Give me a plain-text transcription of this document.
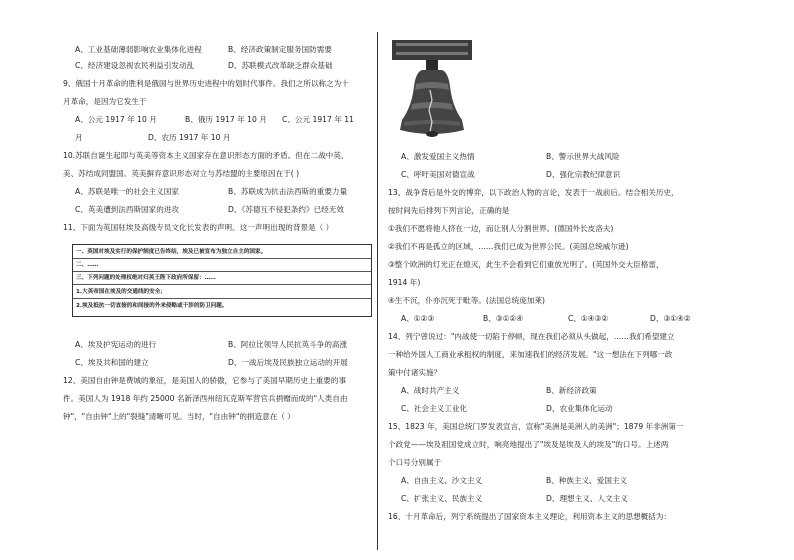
A、工业基础薄弱影响农业集体化进程	B、经济政策制定服务国防需要
C、经济建设忽视农民利益引发动乱	D、苏联模式改革缺乏群众基础
9、俄国十月革命的胜利是俄国与世界历史进程中的划时代事件。我们之所以称之为十
月革命，是因为它发生于
A、公元 1917 年 10 月	B、俄历 1917 年 10 月 C、公元 1917 年 11
月	D、农历 1917 年 10 月
10.苏联自诞生起即与英美等资本主义国家存在意识形态方面的矛盾。但在二战中英、
美、苏结成同盟国。英美摒弃意识形态对立与苏结盟的主要原因在于( )
A、苏联是唯一的社会主义国家	B、苏联成为抗击法西斯的重要力量
C、英美遭到法西斯国家的进攻	D、《苏德互不侵犯条约》已经无效
11、下面为英国驻埃及高级专员文化长发表的声明。这一声明出现的背景是（ ）
一、英国对埃及实行的保护制度已告终结，埃及已被宣布为独立自主的国家。
二、……
三、下列问题的处理权绝对归英王陛下政府所保留：……
1.大英帝国在埃及的交通线的安全；
2.埃及抵抗一切直接的和间接的外来侵略或干涉的防卫问题。
A、埃及护宪运动的进行	B、阿拉比领导人民抗英斗争的高涨
C、埃及共和国的建立	D、一战后埃及民族独立运动的开展
12、美国自由钟是费城的象征，是美国人的骄傲，它参与了美国早期历史上重要的事
件。美国人为 1918 年约 25000 名新泽西州纽瓦克斯军营官兵捐赠而成的"人类自由
钟"，"自由钟"上的"裂缝"清晰可见。当时，"自由钟"的捐造意在（ ）
A、激发爱国主义热情	B、警示世界大战风险
C、呼吁美国对德宣战	D、强化宗教纪律意识
13、战争背后是外交的博弈，以下政治人物的言论，发表于一战前后。结合相关历史，
按时间先后排列下列言论，正确的是
①我们不愿将他人挤在一边，而让别人分割世界。(德国外长皮洛夫)
②我们不再是孤立的区域，……我们已成为世界公民。(美国总统威尔逊)
③整个欧洲的灯光正在熄灭，此生不会看到它们重放光明了。(英国外交大臣格雷，
1914 年)
④生不沉，仆亦沉死于毗等。(法国总统庞加莱)
A、①②③	B、③①②④	C、①④③②	D、③①④②
14、列宁曾说过："内战使一切陷于停顿，现在我们必须从头做起，……我们希望建立
一种给外国人工商业承租权的制度，来加速我们的经济发展。"这一想法在下列哪一政
策中付诸实施？
A、战时共产主义	B、新经济政策
C、社会主义工业化	D、农业集体化运动
15、1823 年，美国总统门罗发表宣言，宣称"美洲是美洲人的美洲"；1879 年非洲第一
个政党——埃及祖国党成立时，响亮地提出了"埃及是埃及人的埃及"的口号。上述两
个口号分别属于
A、自由主义、沙文主义	B、种族主义、爱国主义
C、扩张主义、民族主义	D、理想主义、人文主义
16、十月革命后，列宁系统提出了国家资本主义理论，利用资本主义的思想概括为：
